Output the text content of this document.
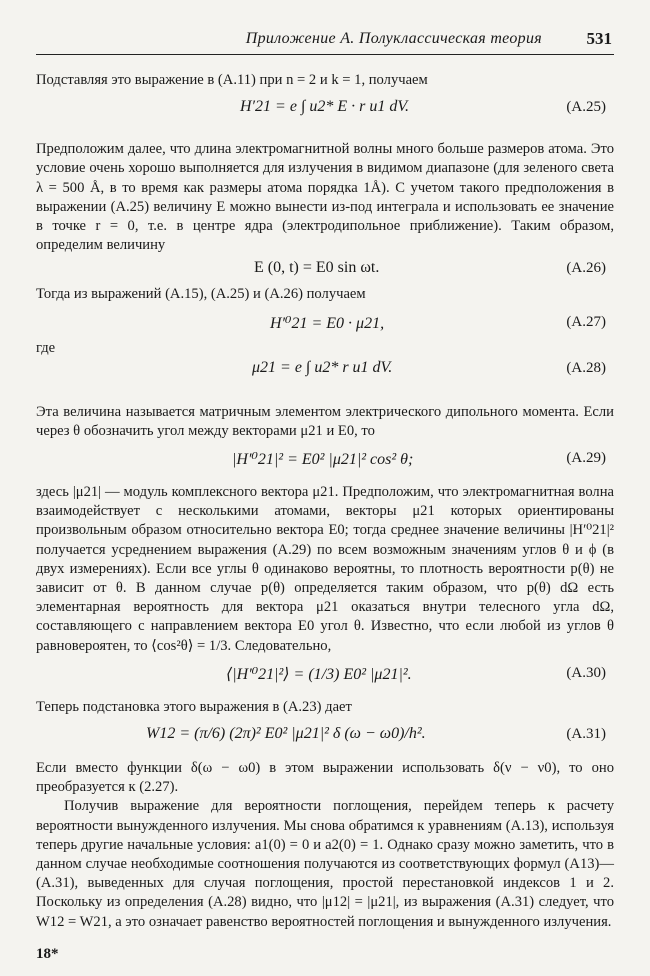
Приложение А. Полуклассическая теория	531

Подставляя это выражение в (А.11) при n = 2 и k = 1, получаем

H′21 = e ∫ u2* E · r u1 dV.	(А.25)

Предположим далее, что длина электромагнитной волны много больше размеров атома. Это условие очень хорошо выполняется для излучения в видимом диапазоне (для зеленого света λ = 500 Å, в то время как размеры атома порядка 1Å). С учетом такого предположения в выражении (А.25) величину E можно вынести из-под интеграла и использовать ее значение в точке r = 0, т.е. в центре ядра (электродипольное приближение). Таким образом, определим величину

E (0, t) = E0 sin ωt.	(А.26)

Тогда из выражений (А.15), (А.25) и (А.26) получаем

H′⁰21 = E0 · μ21,	(А.27)
где
μ21 = e ∫ u2* r u1 dV.	(А.28)

Эта величина называется матричным элементом электрического дипольного момента. Если через θ обозначить угол между векторами μ21 и E0, то

|H′⁰21|² = E0² |μ21|² cos² θ;	(А.29)

здесь |μ21| — модуль комплексного вектора μ21. Предположим, что электромагнитная волна взаимодействует с несколькими атомами, векторы μ21 которых ориентированы произвольным образом относительно вектора E0; тогда среднее значение величины |H′⁰21|² получается усреднением выражения (А.29) по всем возможным значениям углов θ и ϕ (в двух измерениях). Если все углы θ одинаково вероятны, то плотность вероятности p(θ) не зависит от θ. В данном случае p(θ) определяется таким образом, что p(θ) dΩ есть элементарная вероятность для вектора μ21 оказаться внутри телесного угла dΩ, составляющего с направлением вектора E0 угол θ. Известно, что если любой из углов θ равновероятен, то ⟨cos²θ⟩ = 1/3. Следовательно,

⟨|H′⁰21|²⟩ = (1/3) E0² |μ21|².	(А.30)

Теперь подстановка этого выражения в (А.23) дает

W12 = (π/6) (2π)² E0² |μ21|² δ (ω − ω0)/h².	(А.31)

Если вместо функции δ(ω − ω0) в этом выражении использовать δ(ν − ν0), то оно преобразуется к (2.27).

Получив выражение для вероятности поглощения, перейдем теперь к расчету вероятности вынужденного излучения. Мы снова обратимся к уравнениям (А.13), используя теперь другие начальные условия: a1(0) = 0 и a2(0) = 1. Однако сразу можно заметить, что в данном случае необходимые соотношения получаются из соответствующих формул (А13)—(А.31), выведенных для случая поглощения, простой перестановкой индексов 1 и 2. Поскольку из определения (А.28) видно, что |μ12| = |μ21|, из выражения (А.31) следует, что W12 = W21, а это означает равенство вероятностей поглощения и вынужденного излучения.

18*
